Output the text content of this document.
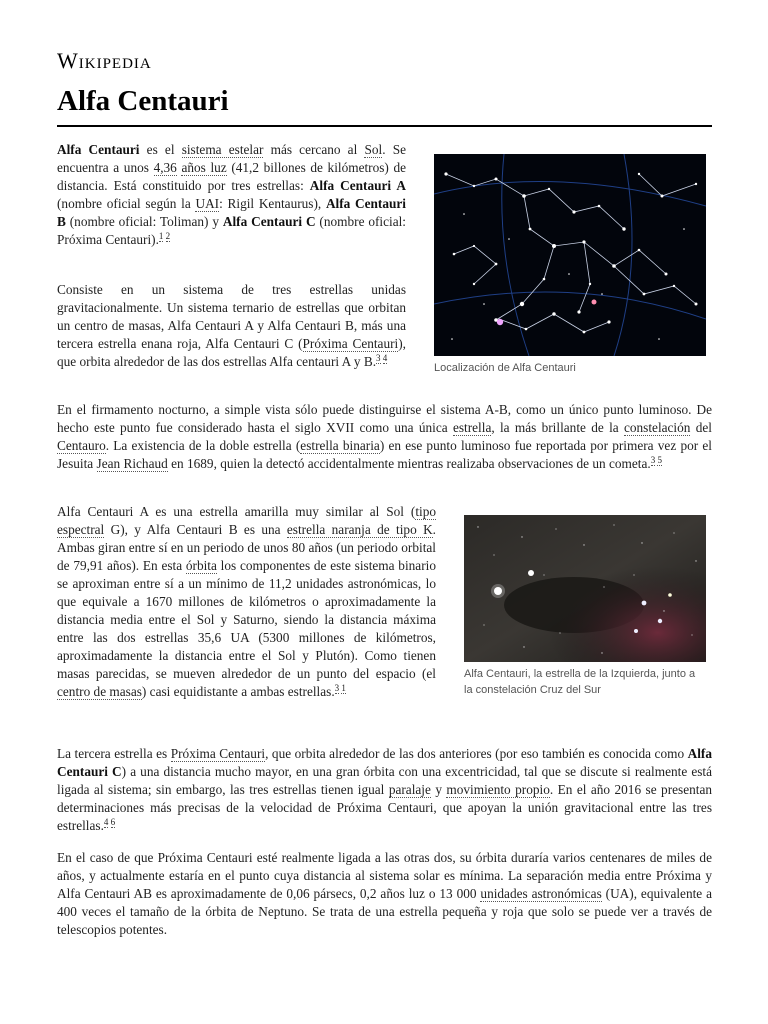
Wikipedia
Alfa Centauri
Localización de Alfa Centauri
Alfa Centauri, la estrella de la Izquierda, junto a la constelación Cruz del Sur

Alfa Centauri es el sistema estelar más cercano al Sol. Se encuentra a unos 4,36 años luz (41,2 billones de kilómetros) de distancia. Está constituido por tres estrellas: Alfa Centauri A (nombre oficial según la UAI: Rigil Kentaurus), Alfa Centauri B (nombre oficial: Toliman) y Alfa Centauri C (nombre oficial: Próxima Centauri).$^{1 2}$

Consiste en un sistema de tres estrellas unidas gravitacionalmente. Un sistema ternario de estrellas que orbitan un centro de masas, Alfa Centauri A y Alfa Centauri B, más una tercera estrella enana roja, Alfa Centauri C (Próxima Centauri), que orbita alrededor de las dos estrellas Alfa centauri A y B.$^{3 4}$

En el firmamento nocturno, a simple vista sólo puede distinguirse el sistema A-B, como un único punto luminoso. De hecho este punto fue considerado hasta el siglo XVII como una única estrella, la más brillante de la constelación del Centauro. La existencia de la doble estrella (estrella binaria) en ese punto luminoso fue reportada por primera vez por el Jesuita Jean Richaud en 1689, quien la detectó accidentalmente mientras realizaba observaciones de un cometa.$^{3 5}$

Alfa Centauri A es una estrella amarilla muy similar al Sol (tipo espectral G), y Alfa Centauri B es una estrella naranja de tipo K. Ambas giran entre sí en un periodo de unos 80 años (un periodo orbital de 79,91 años). En esta órbita los componentes de este sistema binario se aproximan entre sí a un mínimo de 11,2 unidades astronómicas, lo que equivale a 1670 millones de kilómetros o aproximadamente la distancia media entre el Sol y Saturno, siendo la distancia máxima entre las dos estrellas 35,6 UA (5300 millones de kilómetros, aproximadamente la distancia entre el Sol y Plutón). Como tienen masas parecidas, se mueven alrededor de un punto del espacio (el centro de masas) casi equidistante a ambas estrellas.$^{3 1}$

La tercera estrella es Próxima Centauri, que orbita alrededor de las dos anteriores (por eso también es conocida como Alfa Centauri C) a una distancia mucho mayor, en una gran órbita con una excentricidad, tal que se discute si realmente está ligada al sistema; sin embargo, las tres estrellas tienen igual paralaje y movimiento propio. En el año 2016 se presentan determinaciones más precisas de la velocidad de Próxima Centauri, que apoyan la unión gravitacional entre las tres estrellas.$^{4 6}$

En el caso de que Próxima Centauri esté realmente ligada a las otras dos, su órbita duraría varios centenares de miles de años, y actualmente estaría en el punto cuya distancia al sistema solar es mínima. La separación media entre Próxima y Alfa Centauri AB es aproximadamente de 0,06 pársecs, 0,2 años luz o 13 000 unidades astronómicas (UA), equivalente a 400 veces el tamaño de la órbita de Neptuno. Se trata de una estrella pequeña y roja que solo se puede ver a través de telescopios potentes.
